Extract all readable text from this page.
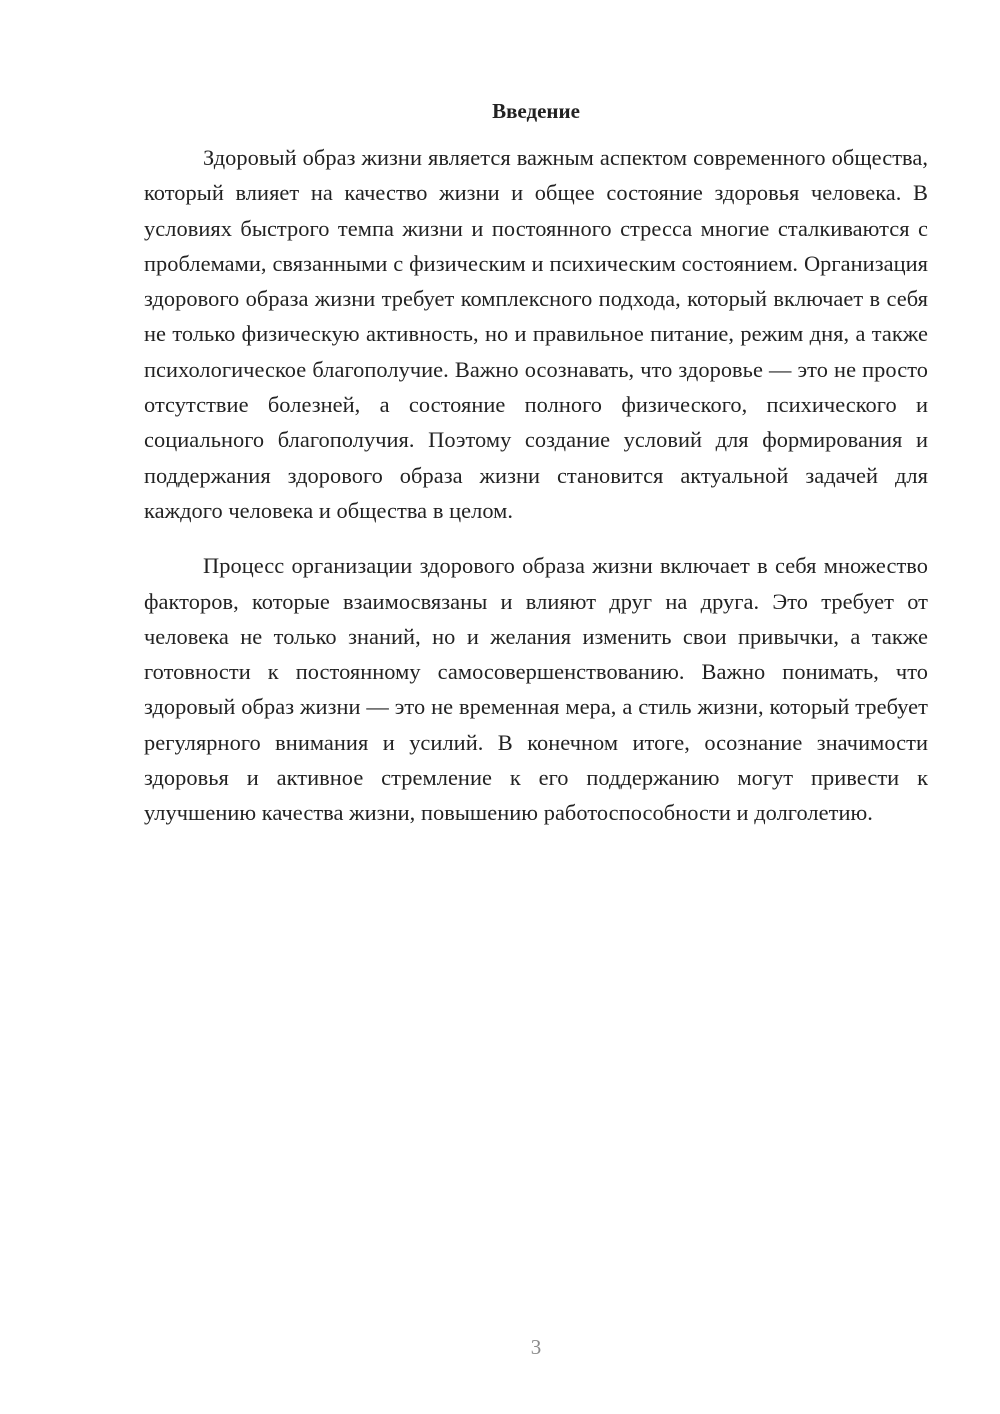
Введение

Здоровый образ жизни является важным аспектом современного общества, который влияет на качество жизни и общее состояние здоровья человека. В условиях быстрого темпа жизни и постоянного стресса многие сталкиваются с проблемами, связанными с физическим и психическим состоянием. Организация здорового образа жизни требует комплексного подхода, который включает в себя не только физическую активность, но и правильное питание, режим дня, а также психологическое благополучие. Важно осознавать, что здоровье — это не просто отсутствие болезней, а состояние полного физического, психического и социального благополучия. Поэтому создание условий для формирования и поддержания здорового образа жизни становится актуальной задачей для каждого человека и общества в целом.

Процесс организации здорового образа жизни включает в себя множество факторов, которые взаимосвязаны и влияют друг на друга. Это требует от человека не только знаний, но и желания изменить свои привычки, а также готовности к постоянному самосовершенствованию. Важно понимать, что здоровый образ жизни — это не временная мера, а стиль жизни, который требует регулярного внимания и усилий. В конечном итоге, осознание значимости здоровья и активное стремление к его поддержанию могут привести к улучшению качества жизни, повышению работоспособности и долголетию.

3
